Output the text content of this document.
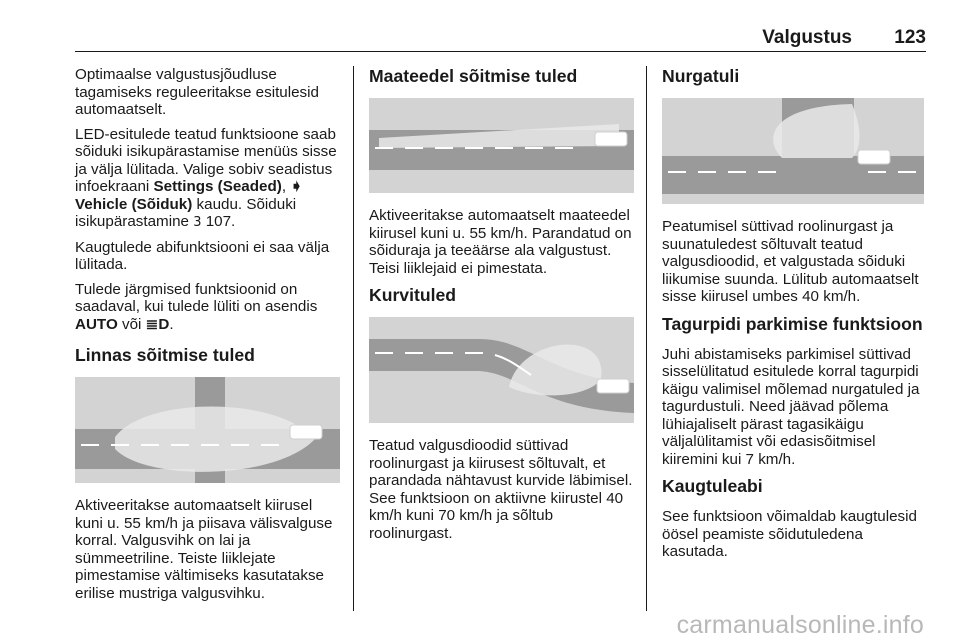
Valgustus 123

Optimaalse valgustusjõudluse tagamiseks reguleeritakse esitulesid automaatselt.

LED-esitulede teatud funktsioone saab sõiduki isikupärastamise menüüs sisse ja välja lülitada. Valige sobiv seadistus infoekraani Settings (Seaded), ➧ Vehicle (Sõiduk) kaudu. Sõiduki isikupärastamine 3 107.

Kaugtulede abifunktsiooni ei saa välja lülitada.

Tulede järgmised funktsioonid on saadaval, kui tulede lüliti on asendis AUTO või ≣D.

Linnas sõitmise tuled

Aktiveeritakse automaatselt kiirusel kuni u. 55 km/h ja piisava välisvalguse korral. Valgusvihk on lai ja sümmeetriline. Teiste liiklejate pimestamise vältimiseks kasutatakse erilise mustriga valgusvihku.

Maateedel sõitmise tuled

Aktiveeritakse automaatselt maateedel kiirusel kuni u. 55 km/h. Parandatud on sõiduraja ja teeäärse ala valgustust. Teisi liiklejaid ei pimestata.

Kurvituled

Teatud valgusdioodid süttivad roolinurgast ja kiirusest sõltuvalt, et parandada nähtavust kurvide läbimisel. See funktsioon on aktiivne kiirustel 40 km/h kuni 70 km/h ja sõltub roolinurgast.

Nurgatuli

Peatumisel süttivad roolinurgast ja suunatuledest sõltuvalt teatud valgusdioodid, et valgustada sõiduki liikumise suunda. Lülitub automaatselt sisse kiirusel umbes 40 km/h.

Tagurpidi parkimise funktsioon

Juhi abistamiseks parkimisel süttivad sisselülitatud esitulede korral tagurpidi käigu valimisel mõlemad nurgatuled ja tagurdustuli. Need jäävad põlema lühiajaliselt pärast tagasikäigu väljalülitamist või edasisõitmisel kiiremini kui 7 km/h.

Kaugtuleabi

See funktsioon võimaldab kaugtulesid öösel peamiste sõidutuledena kasutada.

carmanualsonline.info
